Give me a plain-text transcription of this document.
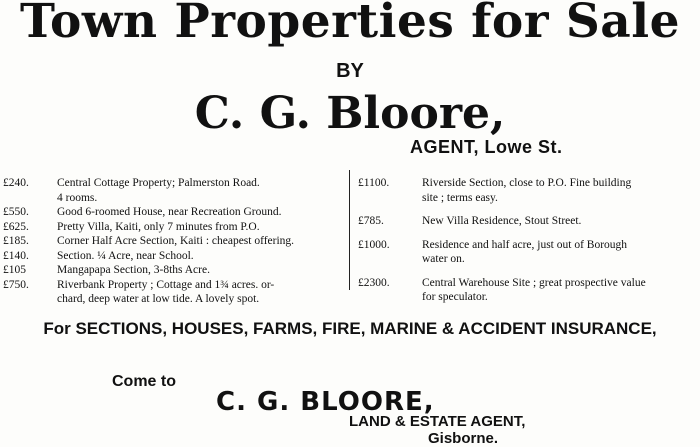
Town Properties for Sale
BY
C. G. Bloore,
AGENT, Lowe St.
£240.	Central Cottage Property; Palmerston Road.
4 rooms.
£550.	Good 6-roomed House, near Recreation Ground.
£625.	Pretty Villa, Kaiti, only 7 minutes from P.O.
£185.	Corner Half Acre Section, Kaiti : cheapest offering.
£140.	Section. ¼ Acre, near School.
£105	Mangapapa Section, 3-8ths Acre.
£750.	Riverbank Property ; Cottage and 1¾ acres. or-
chard, deep water at low tide. A lovely spot.
£1100.	Riverside Section, close to P.O. Fine building
site ; terms easy.
£785.	New Villa Residence, Stout Street.
£1000.	Residence and half acre, just out of Borough
water on.
£2300.	Central Warehouse Site ; great prospective value
for speculator.
For SECTIONS, HOUSES, FARMS, FIRE, MARINE & ACCIDENT INSURANCE,
Come to
C. G. BLOORE,
LAND & ESTATE AGENT,
Gisborne.
